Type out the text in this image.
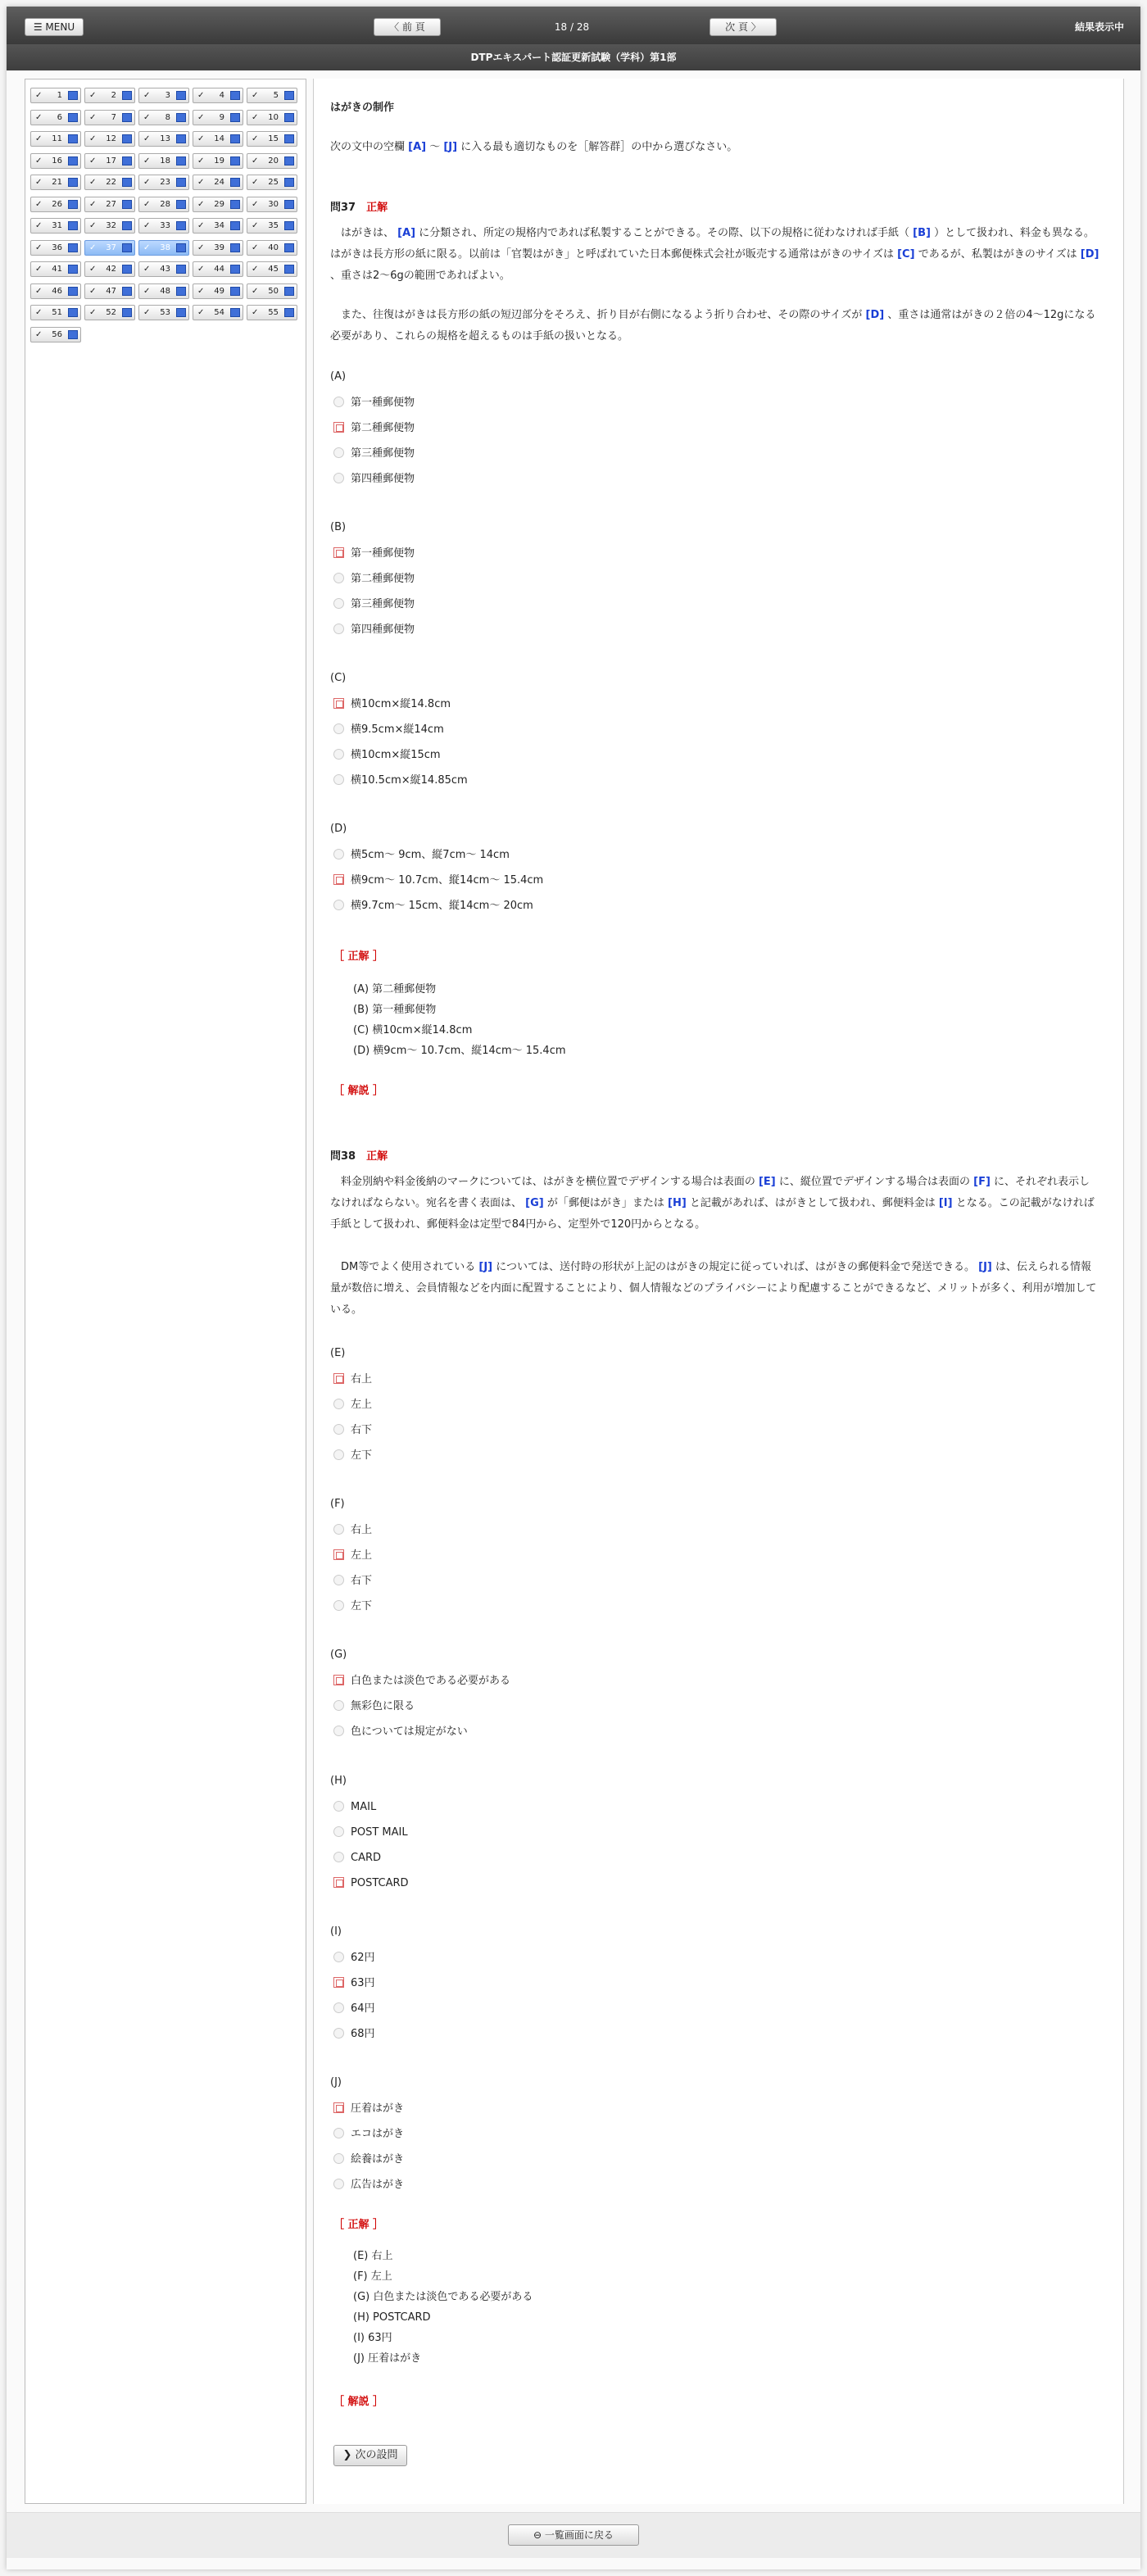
☰ MENU	〈 前 頁	18 / 28	次 頁 〉	結果表示中
DTPエキスパート認証更新試験（学科）第1部
✓ 1	✓ 2	✓ 3	✓ 4	✓ 5
✓ 6	✓ 7	✓ 8	✓ 9	✓ 10
✓ 11	✓ 12	✓ 13	✓ 14	✓ 15
✓ 16	✓ 17	✓ 18	✓ 19	✓ 20
✓ 21	✓ 22	✓ 23	✓ 24	✓ 25
✓ 26	✓ 27	✓ 28	✓ 29	✓ 30
✓ 31	✓ 32	✓ 33	✓ 34	✓ 35
✓ 36	✓ 37	✓ 38	✓ 39	✓ 40
✓ 41	✓ 42	✓ 43	✓ 44	✓ 45
✓ 46	✓ 47	✓ 48	✓ 49	✓ 50
✓ 51	✓ 52	✓ 53	✓ 54	✓ 55
✓ 56
はがきの制作
次の文中の空欄 [A] 〜 [J] に入る最も適切なものを［解答群］の中から選びなさい。
問37　 正解
　はがきは、 [A] に分類され、所定の規格内であれば私製することができる。その際、以下の規格に従わなければ手紙（ [B] ）として扱われ、料金も異なる。はがきは長方形の紙に限る。以前は「官製はがき」と呼ばれていた日本郵便株式会社が販売する通常はがきのサイズは [C] であるが、私製はがきのサイズは [D] 、重さは2〜6gの範囲であればよい。
　また、往復はがきは長方形の紙の短辺部分をそろえ、折り目が右側になるよう折り合わせ、その際のサイズが [D] 、重さは通常はがきの２倍の4〜12gになる必要があり、これらの規格を超えるものは手紙の扱いとなる。
(A)
第一種郵便物
第二種郵便物
第三種郵便物
第四種郵便物
(B)
第一種郵便物
第二種郵便物
第三種郵便物
第四種郵便物
(C)
横10cm×縦14.8cm
横9.5cm×縦14cm
横10cm×縦15cm
横10.5cm×縦14.85cm
(D)
横5cm〜 9cm、縦7cm〜 14cm
横9cm〜 10.7cm、縦14cm〜 15.4cm
横9.7cm〜 15cm、縦14cm〜 20cm
［ 正解 ］
(A) 第二種郵便物
(B) 第一種郵便物
(C) 横10cm×縦14.8cm
(D) 横9cm〜 10.7cm、縦14cm〜 15.4cm
［ 解説 ］
問38　 正解
　料金別納や料金後納のマークについては、はがきを横位置でデザインする場合は表面の [E] に、縦位置でデザインする場合は表面の [F] に、それぞれ表示しなければならない。宛名を書く表面は、 [G] が「郵便はがき」または [H] と記載があれば、はがきとして扱われ、郵便料金は [I] となる。この記載がなければ手紙として扱われ、郵便料金は定型で84円から、定型外で120円からとなる。
　DM等でよく使用されている [J] については、送付時の形状が上記のはがきの規定に従っていれば、はがきの郵便料金で発送できる。 [J] は、伝えられる情報量が数倍に増え、会員情報などを内面に配置することにより、個人情報などのプライバシーにより配慮することができるなど、メリットが多く、利用が増加している。
(E)
右上
左上
右下
左下
(F)
右上
左上
右下
左下
(G)
白色または淡色である必要がある
無彩色に限る
色については規定がない
(H)
MAIL
POST MAIL
CARD
POSTCARD
(I)
62円
63円
64円
68円
(J)
圧着はがき
エコはがき
絵養はがき
広告はがき
［ 正解 ］
(E) 右上
(F) 左上
(G) 白色または淡色である必要がある
(H) POSTCARD
(I) 63円
(J) 圧着はがき
［ 解説 ］
❯ 次の設問
⊖ 一覧画面に戻る
